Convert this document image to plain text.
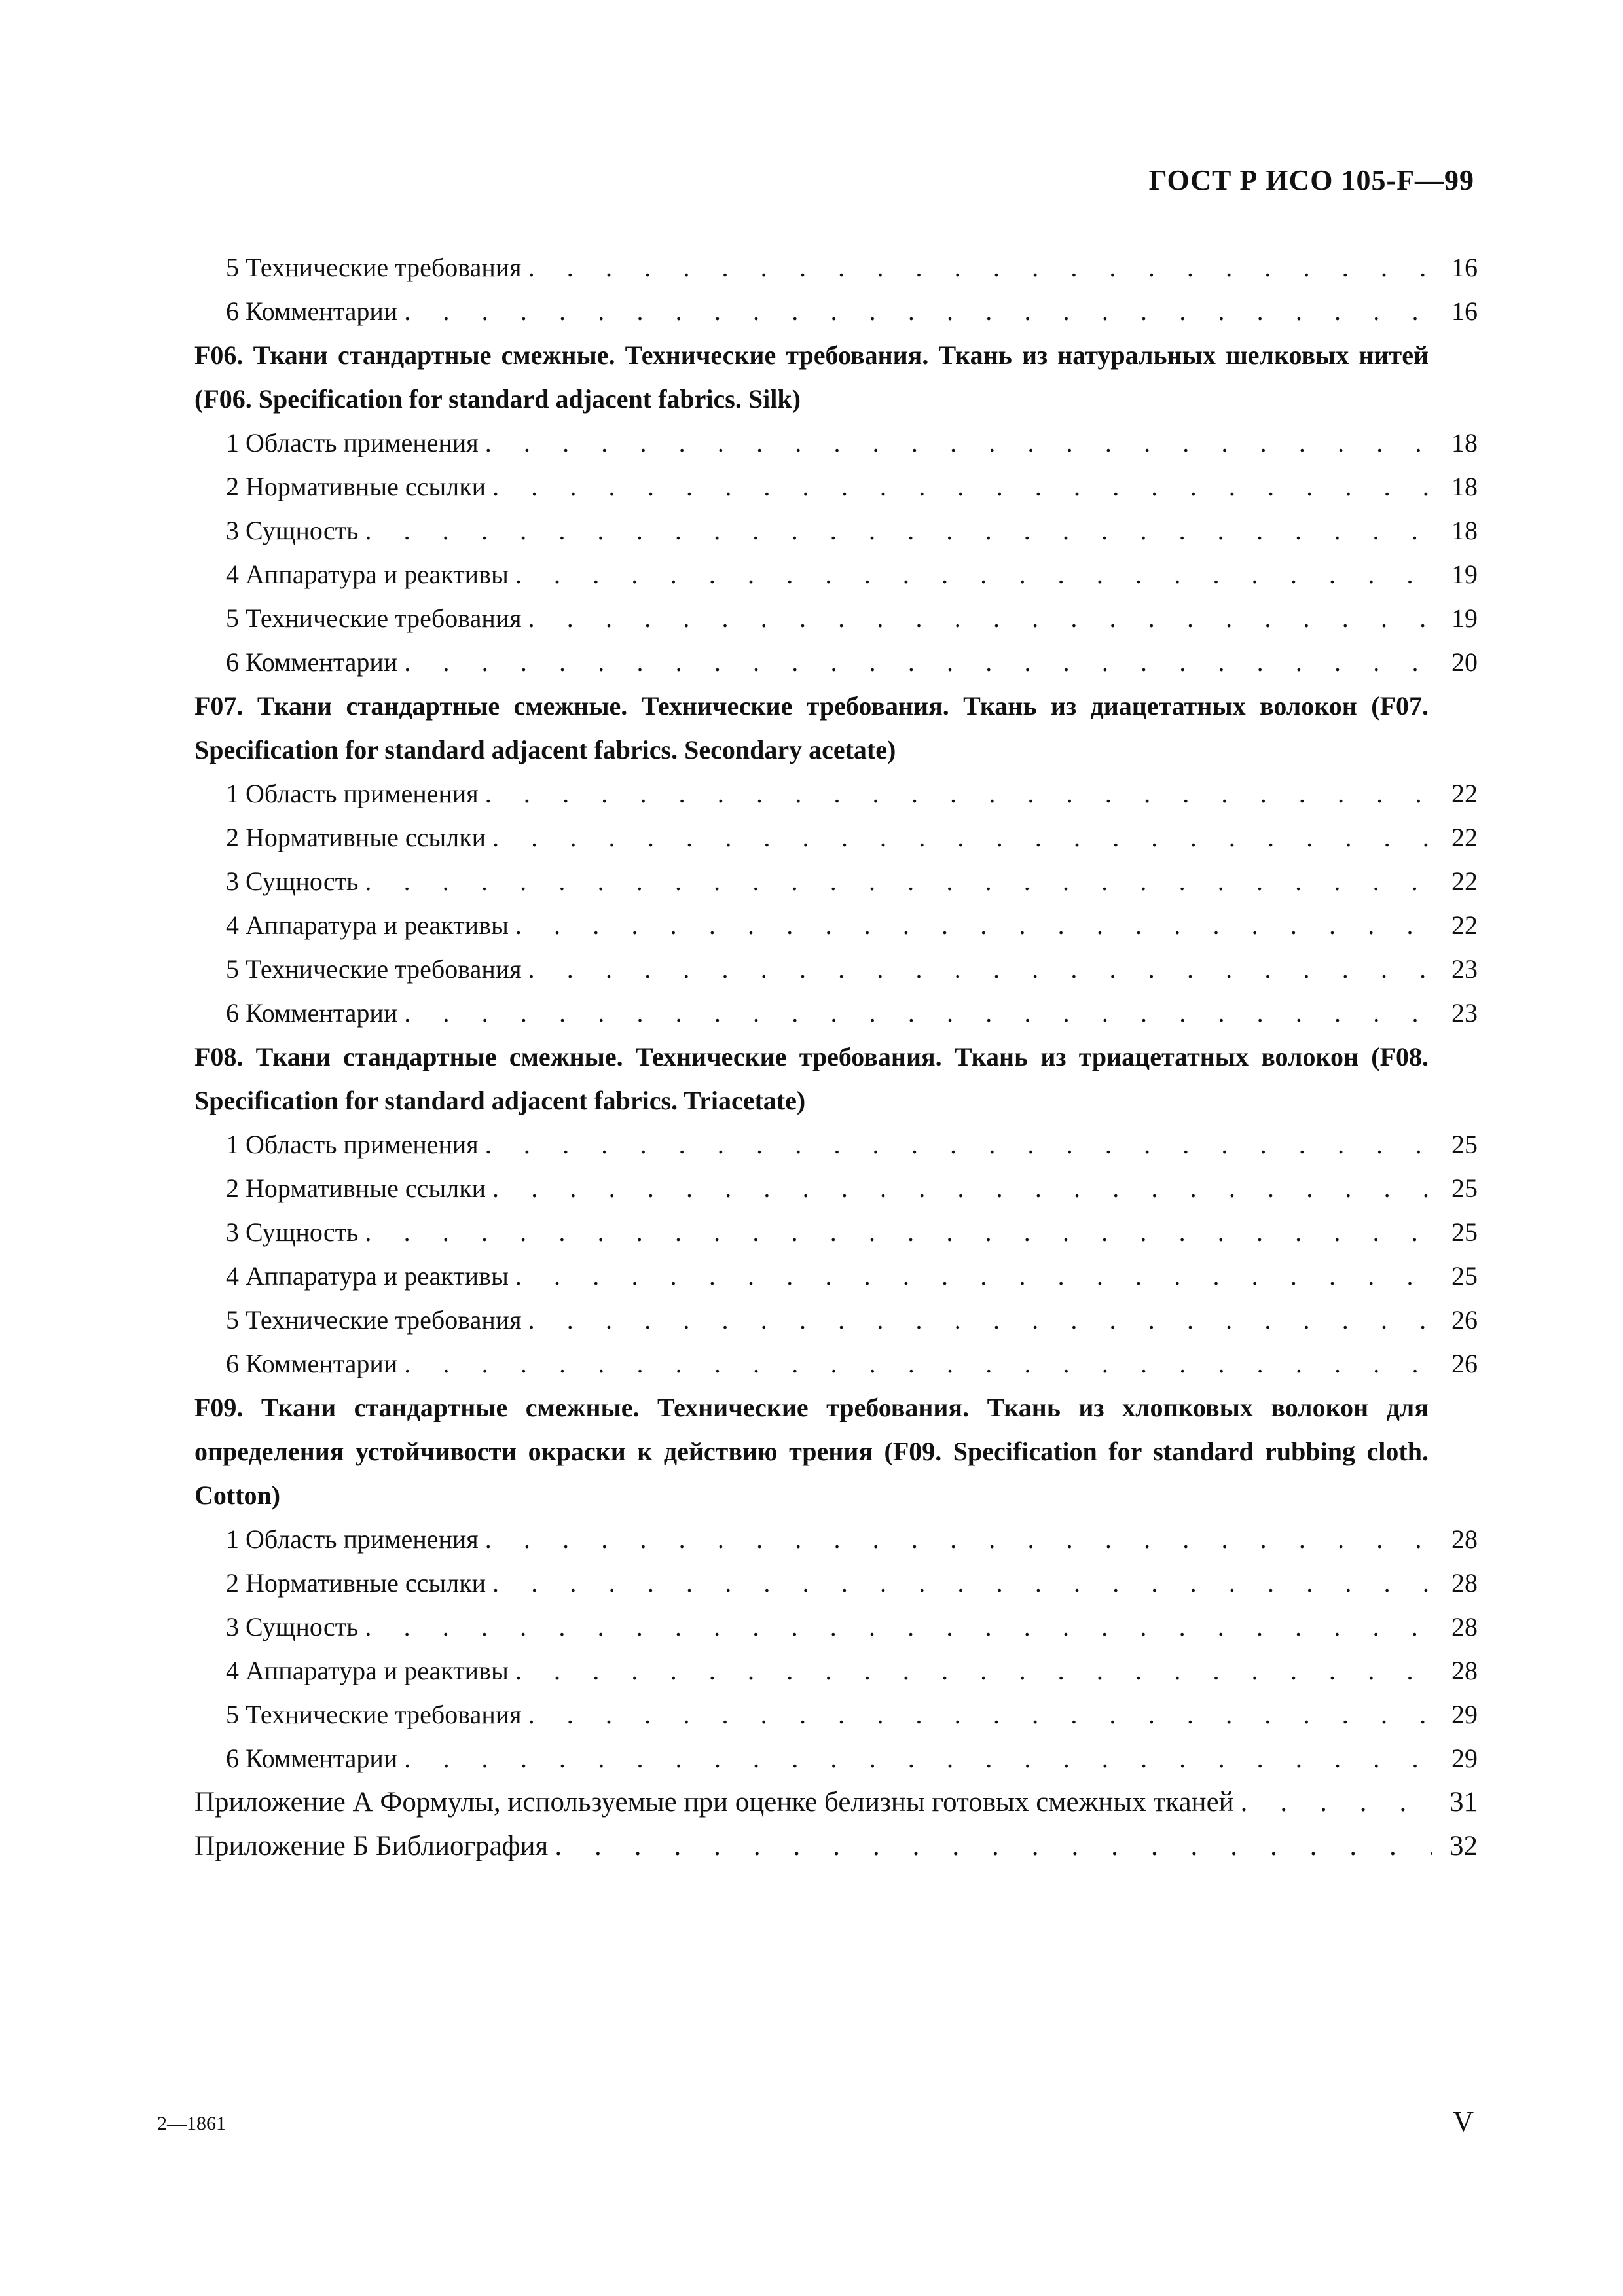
ГОСТ Р ИСО 105-F—99
5 Технические требования . . .	16
6 Комментарии . . .	16
F06. Ткани стандартные смежные. Технические требования. Ткань из натуральных шелковых нитей (F06. Specification for standard adjacent fabrics. Silk)
1 Область применения . . .	18
2 Нормативные ссылки . . .	18
3 Сущность . . .	18
4 Аппаратура и реактивы . . .	19
5 Технические требования . . .	19
6 Комментарии . . .	20
F07. Ткани стандартные смежные. Технические требования. Ткань из диацетатных волокон (F07. Specification for standard adjacent fabrics. Secondary acetate)
1 Область применения . . .	22
2 Нормативные ссылки . . .	22
3 Сущность . . .	22
4 Аппаратура и реактивы . . .	22
5 Технические требования . . .	23
6 Комментарии . . .	23
F08. Ткани стандартные смежные. Технические требования. Ткань из триацетатных волокон (F08. Specification for standard adjacent fabrics. Triacetate)
1 Область применения . . .	25
2 Нормативные ссылки . . .	25
3 Сущность . . .	25
4 Аппаратура и реактивы . . .	25
5 Технические требования . . .	26
6 Комментарии . . .	26
F09. Ткани стандартные смежные. Технические требования. Ткань из хлопковых волокон для определения устойчивости окраски к действию трения (F09. Specification for standard rubbing cloth. Cotton)
1 Область применения . . .	28
2 Нормативные ссылки . . .	28
3 Сущность . . .	28
4 Аппаратура и реактивы . . .	28
5 Технические требования . . .	29
6 Комментарии . . .	29
Приложение А Формулы, используемые при оценке белизны готовых смежных тканей . . .	31
Приложение Б Библиография . . .	32
2—1861	V
